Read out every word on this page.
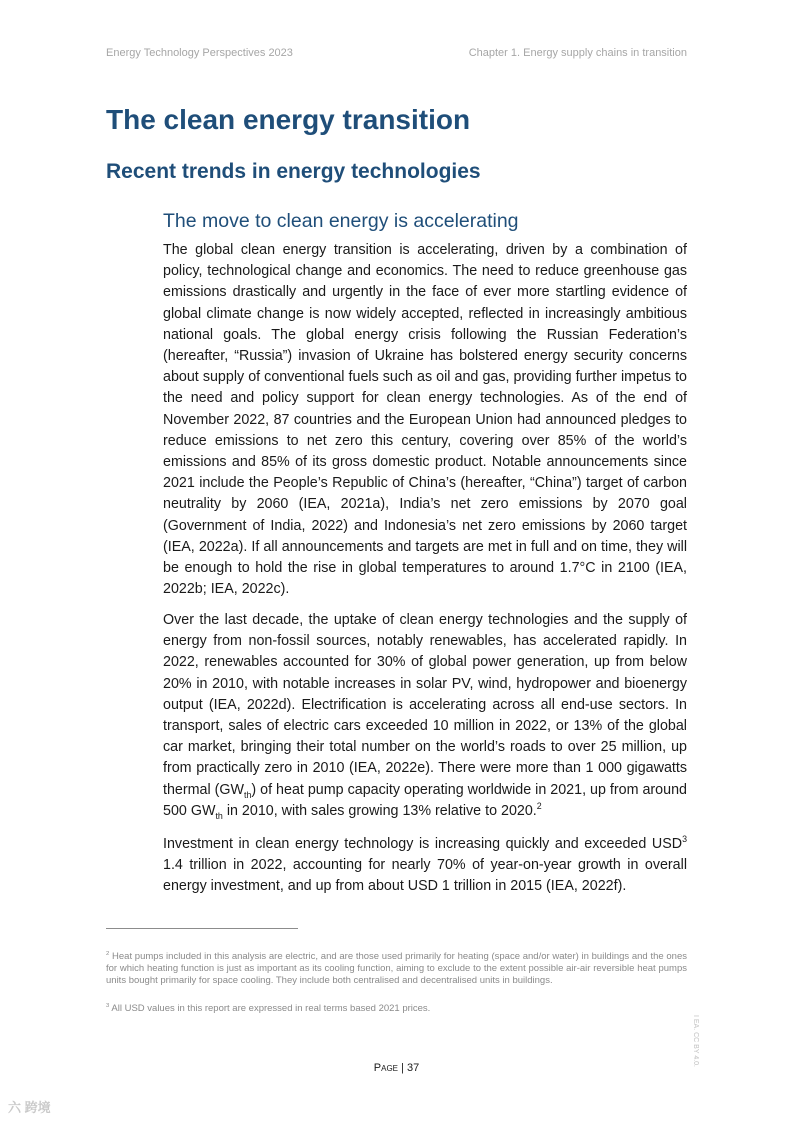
Energy Technology Perspectives 2023	Chapter 1. Energy supply chains in transition
The clean energy transition
Recent trends in energy technologies
The move to clean energy is accelerating

The global clean energy transition is accelerating, driven by a combination of policy, technological change and economics. The need to reduce greenhouse gas emissions drastically and urgently in the face of ever more startling evidence of global climate change is now widely accepted, reflected in increasingly ambitious national goals. The global energy crisis following the Russian Federation’s (hereafter, “Russia”) invasion of Ukraine has bolstered energy security concerns about supply of conventional fuels such as oil and gas, providing further impetus to the need and policy support for clean energy technologies. As of the end of November 2022, 87 countries and the European Union had announced pledges to reduce emissions to net zero this century, covering over 85% of the world’s emissions and 85% of its gross domestic product. Notable announcements since 2021 include the People’s Republic of China’s (hereafter, “China”) target of carbon neutrality by 2060 (IEA, 2021a), India’s net zero emissions by 2070 goal (Government of India, 2022) and Indonesia’s net zero emissions by 2060 target (IEA, 2022a). If all announcements and targets are met in full and on time, they will be enough to hold the rise in global temperatures to around 1.7°C in 2100 (IEA, 2022b; IEA, 2022c).

Over the last decade, the uptake of clean energy technologies and the supply of energy from non-fossil sources, notably renewables, has accelerated rapidly. In 2022, renewables accounted for 30% of global power generation, up from below 20% in 2010, with notable increases in solar PV, wind, hydropower and bioenergy output (IEA, 2022d). Electrification is accelerating across all end-use sectors. In transport, sales of electric cars exceeded 10 million in 2022, or 13% of the global car market, bringing their total number on the world’s roads to over 25 million, up from practically zero in 2010 (IEA, 2022e). There were more than 1 000 gigawatts thermal $(GW_{th})$ of heat pump capacity operating worldwide in 2021, up from around 500 $GW_{th}$ in 2010, with sales growing 13% relative to 2020.$^2$

Investment in clean energy technology is increasing quickly and exceeded USD$^3$ 1.4 trillion in 2022, accounting for nearly 70% of year-on-year growth in overall energy investment, and up from about USD 1 trillion in 2015 (IEA, 2022f).

$^2$ Heat pumps included in this analysis are electric, and are those used primarily for heating (space and/or water) in buildings and the ones for which heating function is just as important as its cooling function, aiming to exclude to the extent possible air-air reversible heat pumps units bought primarily for space cooling. They include both centralised and decentralised units in buildings.

$^3$ All USD values in this report are expressed in real terms based 2021 prices.

I EA. CC BY 4.0.
Page | 37
六 跨境
